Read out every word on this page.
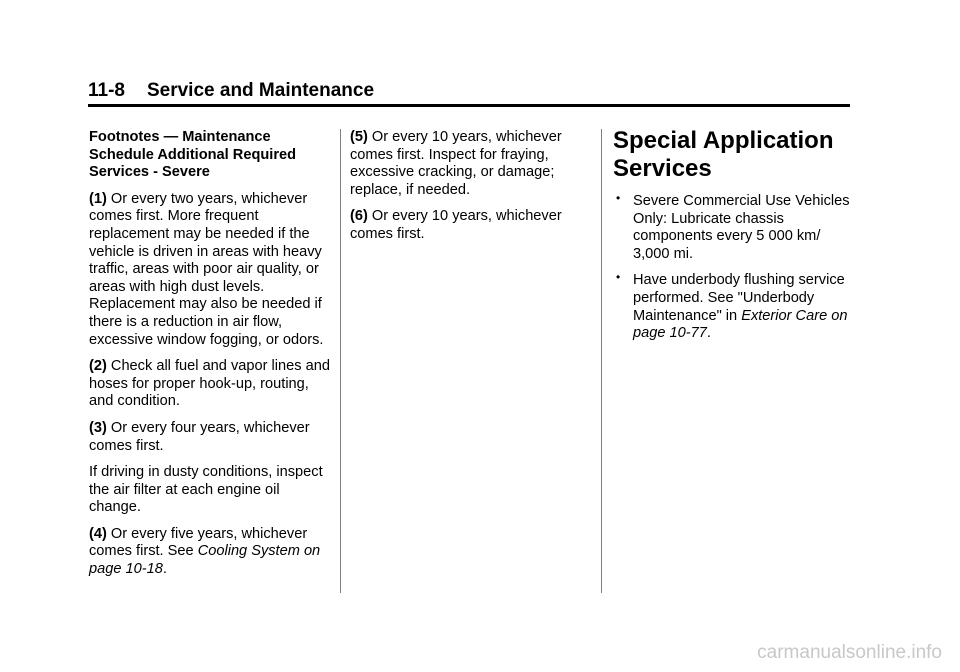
11-8 Service and Maintenance

Footnotes — Maintenance
Schedule Additional Required
Services - Severe

(1) Or every two years, whichever comes first. More frequent replacement may be needed if the vehicle is driven in areas with heavy traffic, areas with poor air quality, or areas with high dust levels. Replacement may also be needed if there is a reduction in air flow, excessive window fogging, or odors.

(2) Check all fuel and vapor lines and hoses for proper hook-up, routing, and condition.

(3) Or every four years, whichever comes first.

If driving in dusty conditions, inspect the air filter at each engine oil change.

(4) Or every five years, whichever comes first. See Cooling System on page 10-18.

(5) Or every 10 years, whichever comes first. Inspect for fraying, excessive cracking, or damage; replace, if needed.

(6) Or every 10 years, whichever comes first.

Special Application
Services
• Severe Commercial Use Vehicles Only: Lubricate chassis components every 5 000 km/ 3,000 mi.
• Have underbody flushing service performed. See "Underbody Maintenance" in Exterior Care on page 10-77.
carmanualsonline.info
